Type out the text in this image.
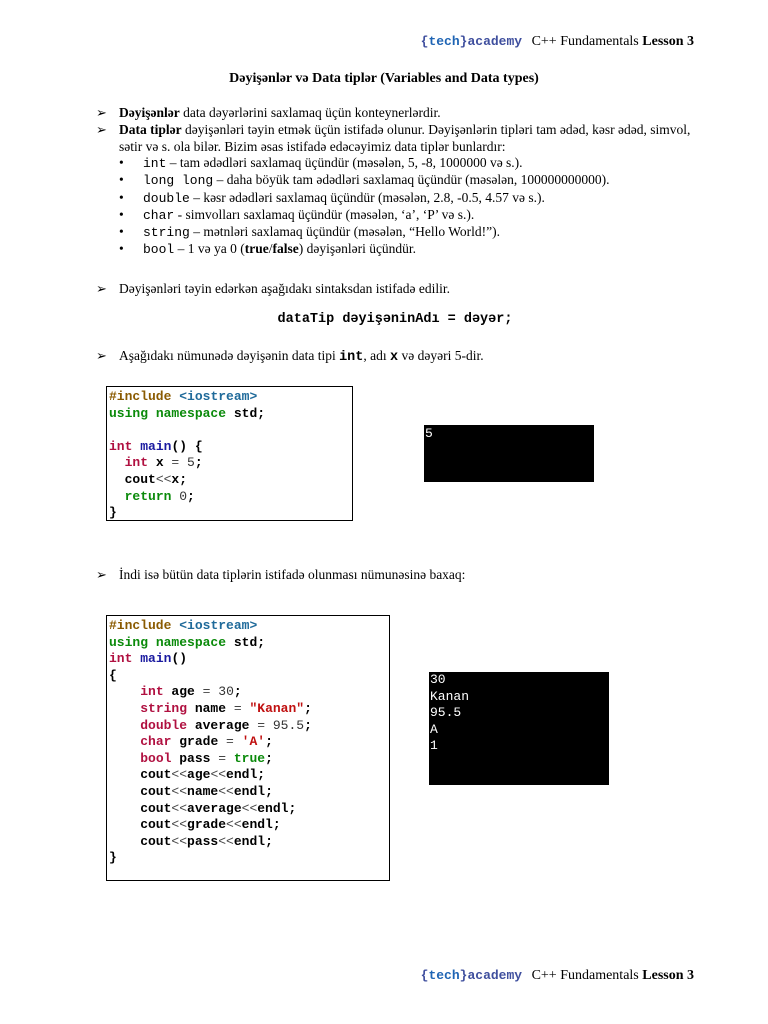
{tech}academy C++ Fundamentals Lesson 3
Dəyişənlər və Data tiplər (Variables and Data types)
➢ Dəyişənlər data dəyərlərini saxlamaq üçün konteynerlərdir.
➢ Data tiplər dəyişənləri təyin etmək üçün istifadə olunur. Dəyişənlərin tipləri tam ədəd, kəsr ədəd, simvol, sətir və s. ola bilər. Bizim əsas istifadə edəcəyimiz data tiplər bunlardır:
• int – tam ədədləri saxlamaq üçündür (məsələn, 5, -8, 1000000 və s.).
• long long – daha böyük tam ədədləri saxlamaq üçündür (məsələn, 100000000000).
• double – kəsr ədədləri saxlamaq üçündür (məsələn, 2.8, -0.5, 4.57 və s.).
• char - simvolları saxlamaq üçündür (məsələn, ‘a’, ‘P’ və s.).
• string – mətnləri saxlamaq üçündür (məsələn, “Hello World!”).
• bool – 1 və ya 0 (true/false) dəyişənləri üçündür.
➢ Dəyişənləri təyin edərkən aşağıdakı sintaksdan istifadə edilir.
dataTip dəyişəninAdı = dəyər;
➢ Aşağıdakı nümunədə dəyişənin data tipi int, adı x və dəyəri 5-dir.
#include <iostream>
using namespace std;

int main() {
int x = 5;
cout<<x;
return 0;
}
5
➢ İndi isə bütün data tiplərin istifadə olunması nümunəsinə baxaq:
#include <iostream>
using namespace std;
int main()
{
int age = 30;
string name = "Kanan";
double average = 95.5;
char grade = 'A';
bool pass = true;
cout<<age<<endl;
cout<<name<<endl;
cout<<average<<endl;
cout<<grade<<endl;
cout<<pass<<endl;
}
30
Kanan
95.5
A
1
{tech}academy C++ Fundamentals Lesson 3
